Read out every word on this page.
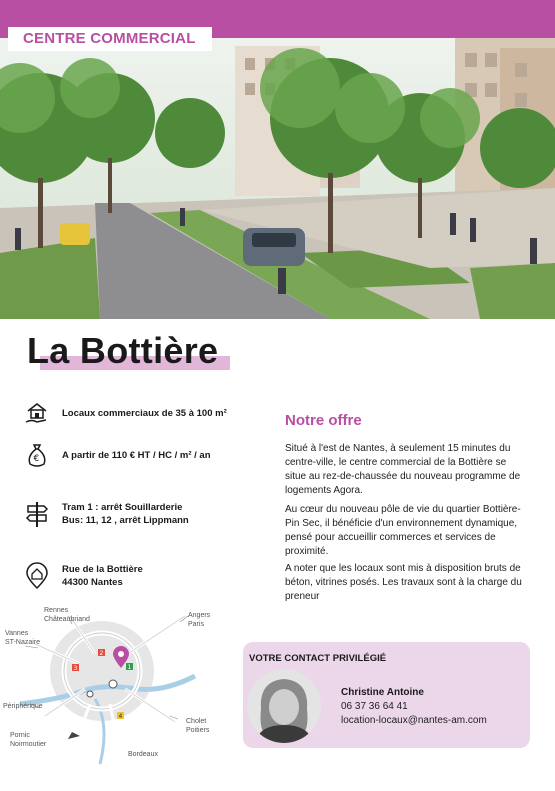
CENTRE COMMERCIAL
La Bottière
Locaux commerciaux de 35 à 100 m²
€ A partir de 110 € HT / HC / m² / an
Tram 1 : arrêt Souillarderie
Bus: 11, 12 , arrêt Lippmann
Rue de la Bottière
44300 Nantes
Notre offre
Situé à l'est de Nantes, à seulement 15 minutes du centre-ville, le centre commercial de la Bottière se situe au rez-de-chaussée du nouveau programme de logements Agora.
Au cœur du nouveau pôle de vie du quartier Bottière-Pin Sec, il bénéficie d'un environnement dynamique, pensé pour accueillir commerces et services de proximité.
A noter que les locaux sont mis à disposition bruts de béton, vitrines posés. Les travaux sont à la charge du preneur
3
2
1
4
Rennes
Châteaubriand
Angers
Paris
Vannes
ST-Nazaire
Périphérique
Pornic
Noirmoutier
Cholet
Poitiers
Bordeaux
VOTRE CONTACT PRIVILÉGIÉ
Christine Antoine
06 37 36 64 41
location-locaux@nantes-am.com
